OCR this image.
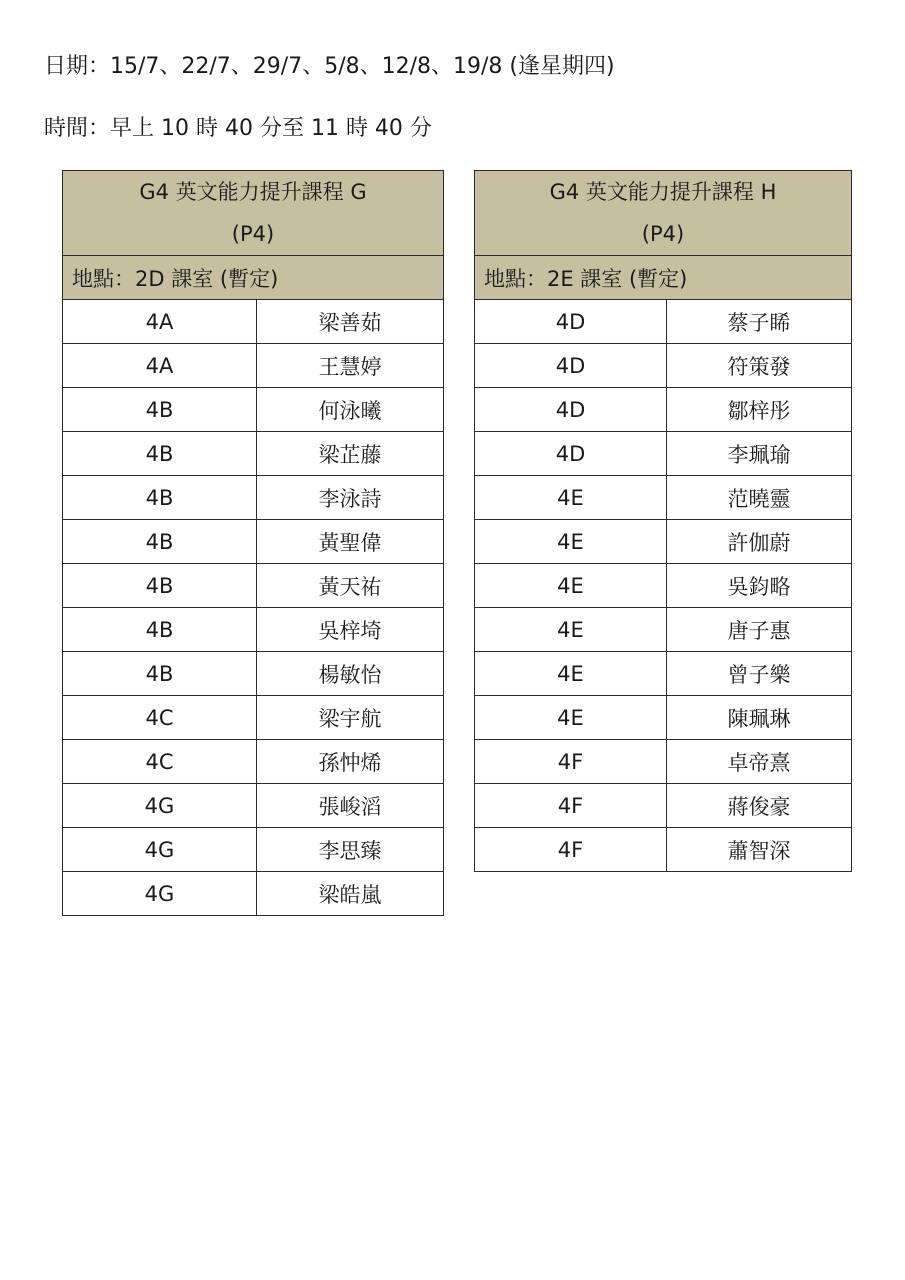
日期：15/7、22/7、29/7、5/8、12/8、19/8 (逢星期四)
時間：早上 10 時 40 分至 11 時 40 分
G4 英文能力提升課程 G
(P4)	

地點：2D 課室 (暫定)	
4A	梁善茹
4A	王慧婷
4B	何泳曦
4B	梁芷藤
4B	李泳詩
4B	黃聖偉
4B	黃天祐
4B	吳梓埼
4B	楊敏怡
4C	梁宇航
4C	孫忡烯
4G	張峻滔
4G	李思臻
4G	梁皓嵐
G4 英文能力提升課程 H
(P4)	

地點：2E 課室 (暫定)	
4D	蔡子睎
4D	符策發
4D	鄒梓彤
4D	李珮瑜
4E	范曉靈
4E	許伽蔚
4E	吳鈞略
4E	唐子惠
4E	曾子樂
4E	陳珮琳
4F	卓帝熹
4F	蔣俊豪
4F	蕭智深
